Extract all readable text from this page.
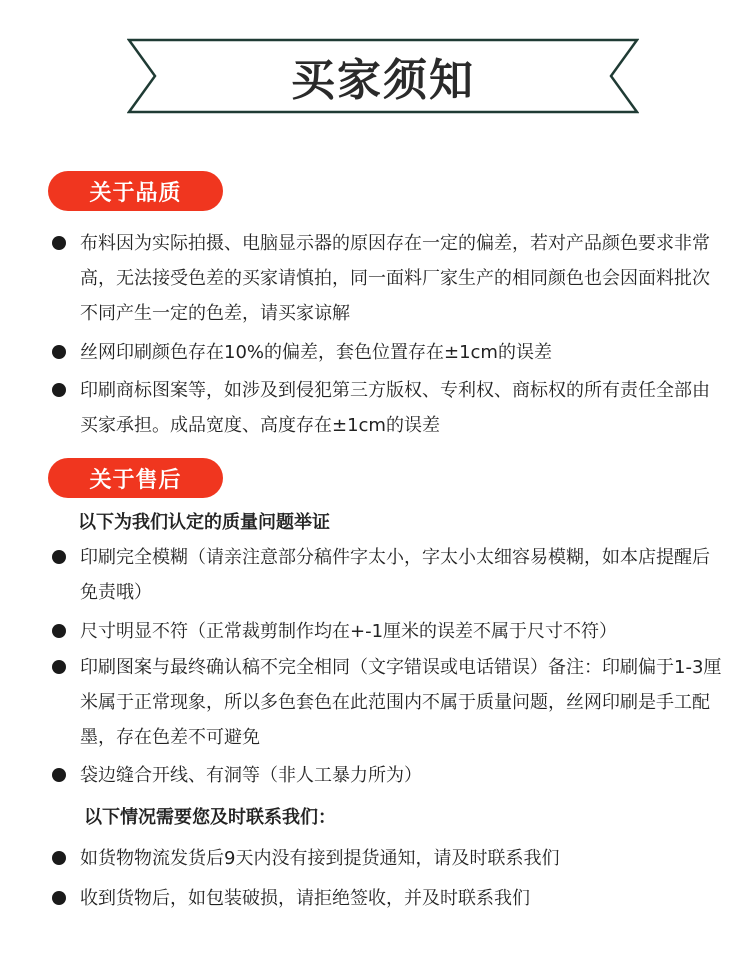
买家须知
关于品质
布料因为实际拍摄、电脑显示器的原因存在一定的偏差，若对产品颜色要求非常高，无法接受色差的买家请慎拍，同一面料厂家生产的相同颜色也会因面料批次不同产生一定的色差，请买家谅解
丝网印刷颜色存在10%的偏差，套色位置存在±1cm的误差
印刷商标图案等，如涉及到侵犯第三方版权、专利权、商标权的所有责任全部由买家承担。成品宽度、高度存在±1cm的误差
关于售后
以下为我们认定的质量问题举证
印刷完全模糊（请亲注意部分稿件字太小，字太小太细容易模糊，如本店提醒后免责哦）
尺寸明显不符（正常裁剪制作均在+-1厘米的误差不属于尺寸不符）
印刷图案与最终确认稿不完全相同（文字错误或电话错误）备注：印刷偏于1-3厘米属于正常现象，所以多色套色在此范围内不属于质量问题，丝网印刷是手工配墨，存在色差不可避免
袋边缝合开线、有洞等（非人工暴力所为）
以下情况需要您及时联系我们：
如货物物流发货后9天内没有接到提货通知，请及时联系我们
收到货物后，如包装破损，请拒绝签收，并及时联系我们
